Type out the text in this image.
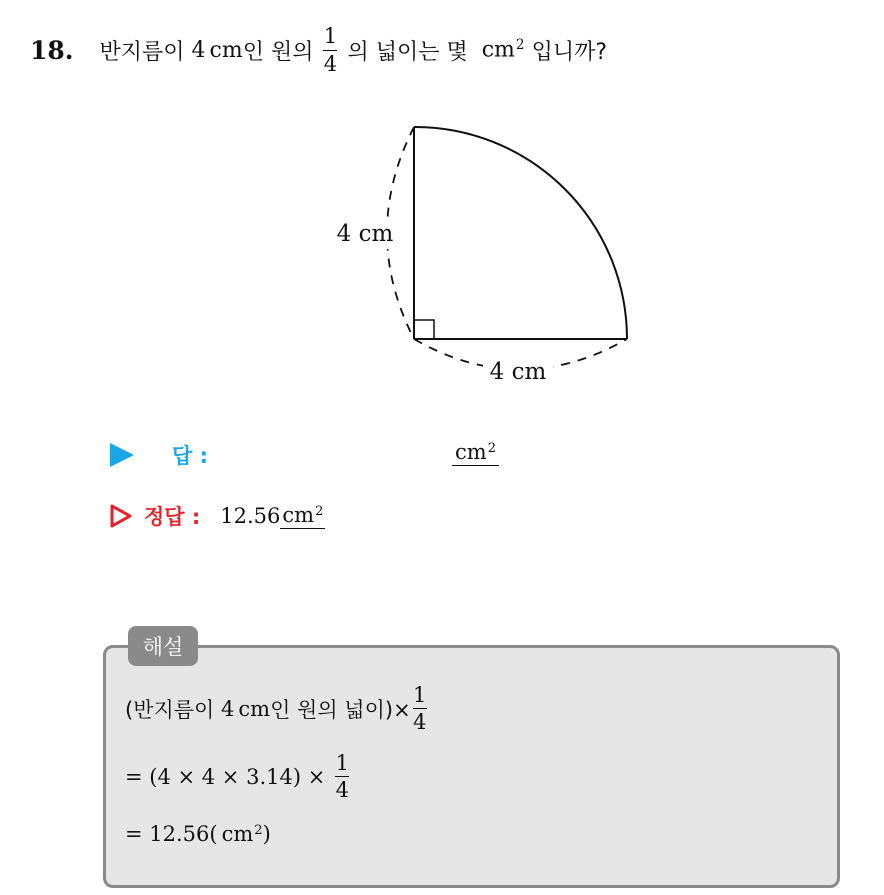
18. 반지름이
4 cm 인 원의 $\frac{1}{4}$ 의 넓이는 몇
$cm^2$
입니까?
4 cm
4 cm
답 :	$cm^2$
정답 : 12.56 $cm^2$
해설
(반지름이
4 cm 인 원의 넓이)× $\frac{1}{4}$
= $(4 \times 4 \times 3.14) \times \frac{1}{4}$
= 12.56( $cm^2$ )
